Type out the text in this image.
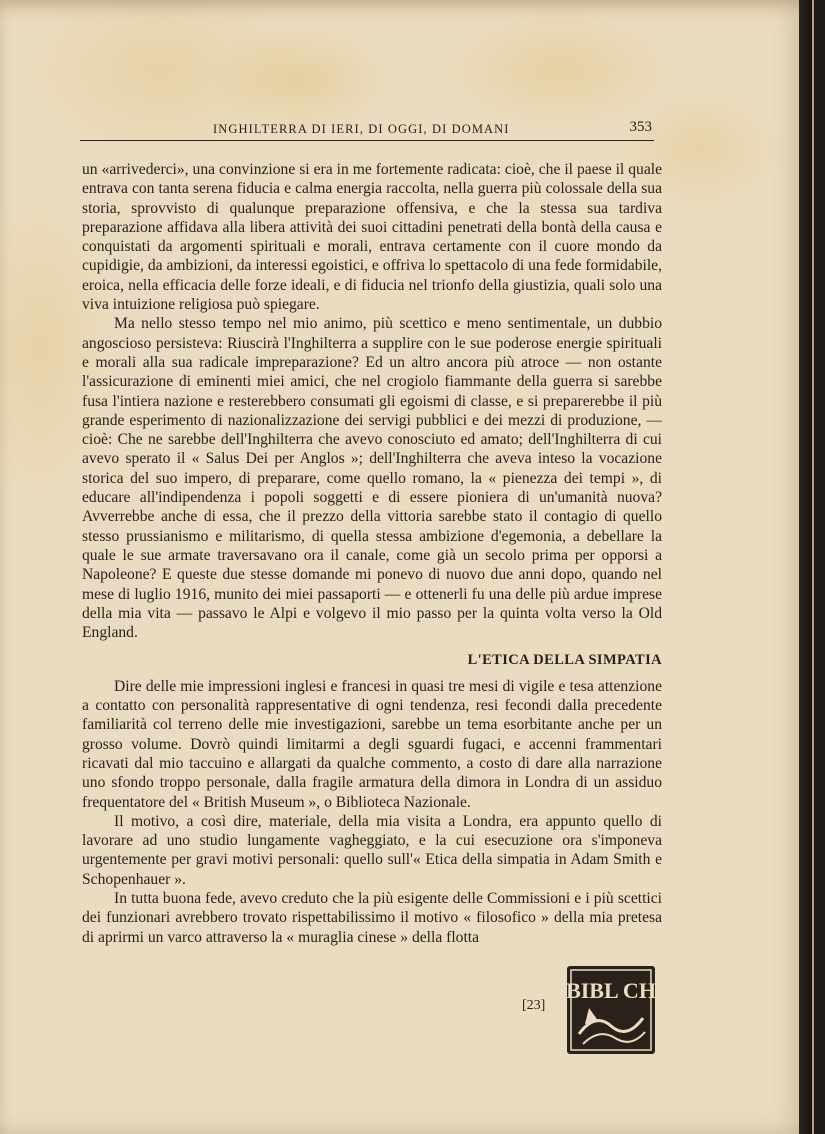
INGHILTERRA DI IERI, DI OGGI, DI DOMANI	353

un «arrivederci», una convinzione si era in me fortemente radicata: cioè, che il paese il quale entrava con tanta serena fiducia e calma energia raccolta, nella guerra più colossale della sua storia, sprovvisto di qualunque preparazione offensiva, e che la stessa sua tardiva preparazione affidava alla libera attività dei suoi cittadini penetrati della bontà della causa e conquistati da argomenti spirituali e morali, entrava certamente con il cuore mondo da cupidigie, da ambizioni, da interessi egoistici, e offriva lo spettacolo di una fede formidabile, eroica, nella efficacia delle forze ideali, e di fiducia nel trionfo della giustizia, quali solo una viva intuizione religiosa può spiegare.

Ma nello stesso tempo nel mio animo, più scettico e meno sentimentale, un dubbio angoscioso persisteva: Riuscirà l'Inghilterra a supplire con le sue poderose energie spirituali e morali alla sua radicale impreparazione? Ed un altro ancora più atroce — non ostante l'assicurazione di eminenti miei amici, che nel crogiolo fiammante della guerra si sarebbe fusa l'intiera nazione e resterebbero consumati gli egoismi di classe, e si preparerebbe il più grande esperimento di nazionalizzazione dei servigi pubblici e dei mezzi di produzione, — cioè: Che ne sarebbe dell'Inghilterra che avevo conosciuto ed amato; dell'Inghilterra di cui avevo sperato il « Salus Dei per Anglos »; dell'Inghilterra che aveva inteso la vocazione storica del suo impero, di preparare, come quello romano, la « pienezza dei tempi », di educare all'indipendenza i popoli soggetti e di essere pioniera di un'umanità nuova? Avverrebbe anche di essa, che il prezzo della vittoria sarebbe stato il contagio di quello stesso prussianismo e militarismo, di quella stessa ambizione d'egemonia, a debellare la quale le sue armate traversavano ora il canale, come già un secolo prima per opporsi a Napoleone? E queste due stesse domande mi ponevo di nuovo due anni dopo, quando nel mese di luglio 1916, munito dei miei passaporti — e ottenerli fu una delle più ardue imprese della mia vita — passavo le Alpi e volgevo il mio passo per la quinta volta verso la Old England.

L'ETICA DELLA SIMPATIA

Dire delle mie impressioni inglesi e francesi in quasi tre mesi di vigile e tesa attenzione a contatto con personalità rappresentative di ogni tendenza, resi fecondi dalla precedente familiarità col terreno delle mie investigazioni, sarebbe un tema esorbitante anche per un grosso volume. Dovrò quindi limitarmi a degli sguardi fugaci, e accenni frammentari ricavati dal mio taccuino e allargati da qualche commento, a costo di dare alla narrazione uno sfondo troppo personale, dalla fragile armatura della dimora in Londra di un assiduo frequentatore del « British Museum », o Biblioteca Nazionale.

Il motivo, a così dire, materiale, della mia visita a Londra, era appunto quello di lavorare ad uno studio lungamente vagheggiato, e la cui esecuzione ora s'imponeva urgentemente per gravi motivi personali: quello sull'« Etica della simpatia in Adam Smith e Schopenhauer ».

In tutta buona fede, avevo creduto che la più esigente delle Commissioni e i più scettici dei funzionari avrebbero trovato rispettabilissimo il motivo « filosofico » della mia pretesa di aprirmi un varco attraverso la « muraglia cinese » della flotta

[23]
BIBL CH
